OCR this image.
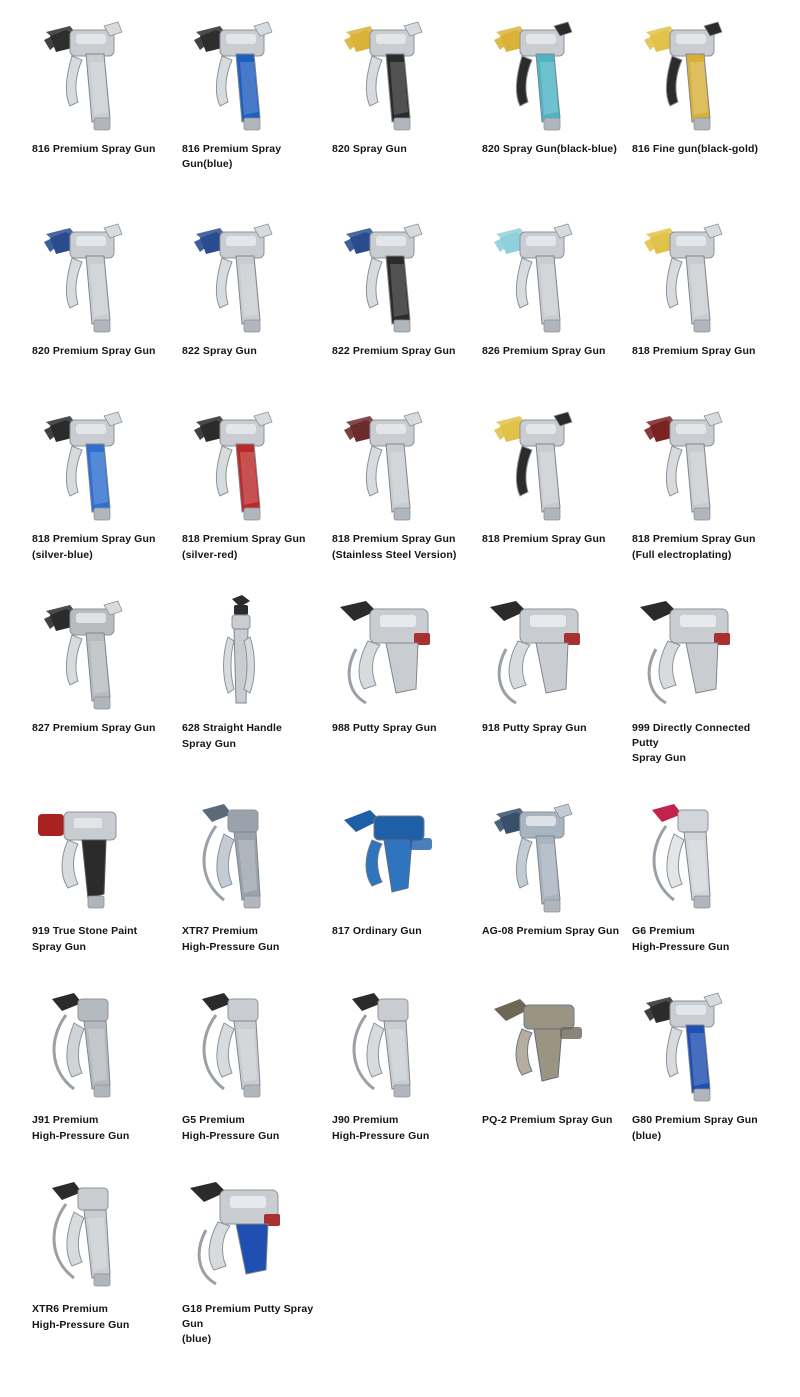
816 Premium Spray Gun	816 Premium Spray Gun(blue)
820 Spray Gun	820 Spray Gun(black-blue)	816 Fine gun(black-gold)
820 Premium Spray Gun	822 Spray Gun	822 Premium Spray Gun	826 Premium Spray Gun	818 Premium Spray Gun
818 Premium Spray Gun
(silver-blue)
818 Premium Spray Gun
(silver-red)
818 Premium Spray Gun
(Stainless Steel Version)
818 Premium Spray Gun	818 Premium Spray Gun
(Full electroplating)
827 Premium Spray Gun	628 Straight Handle
Spray Gun
988 Putty Spray Gun	918 Putty Spray Gun	999 Directly Connected Putty
Spray Gun
919 True Stone Paint
Spray Gun
XTR7 Premium
High-Pressure Gun
817 Ordinary Gun	AG-08 Premium Spray Gun	G6 Premium
High-Pressure Gun
J91 Premium
High-Pressure Gun
G5 Premium
High-Pressure Gun
J90 Premium
High-Pressure Gun
PQ-2 Premium Spray Gun	G80 Premium Spray Gun
(blue)
XTR6 Premium
High-Pressure Gun
G18 Premium Putty Spray Gun
(blue)
